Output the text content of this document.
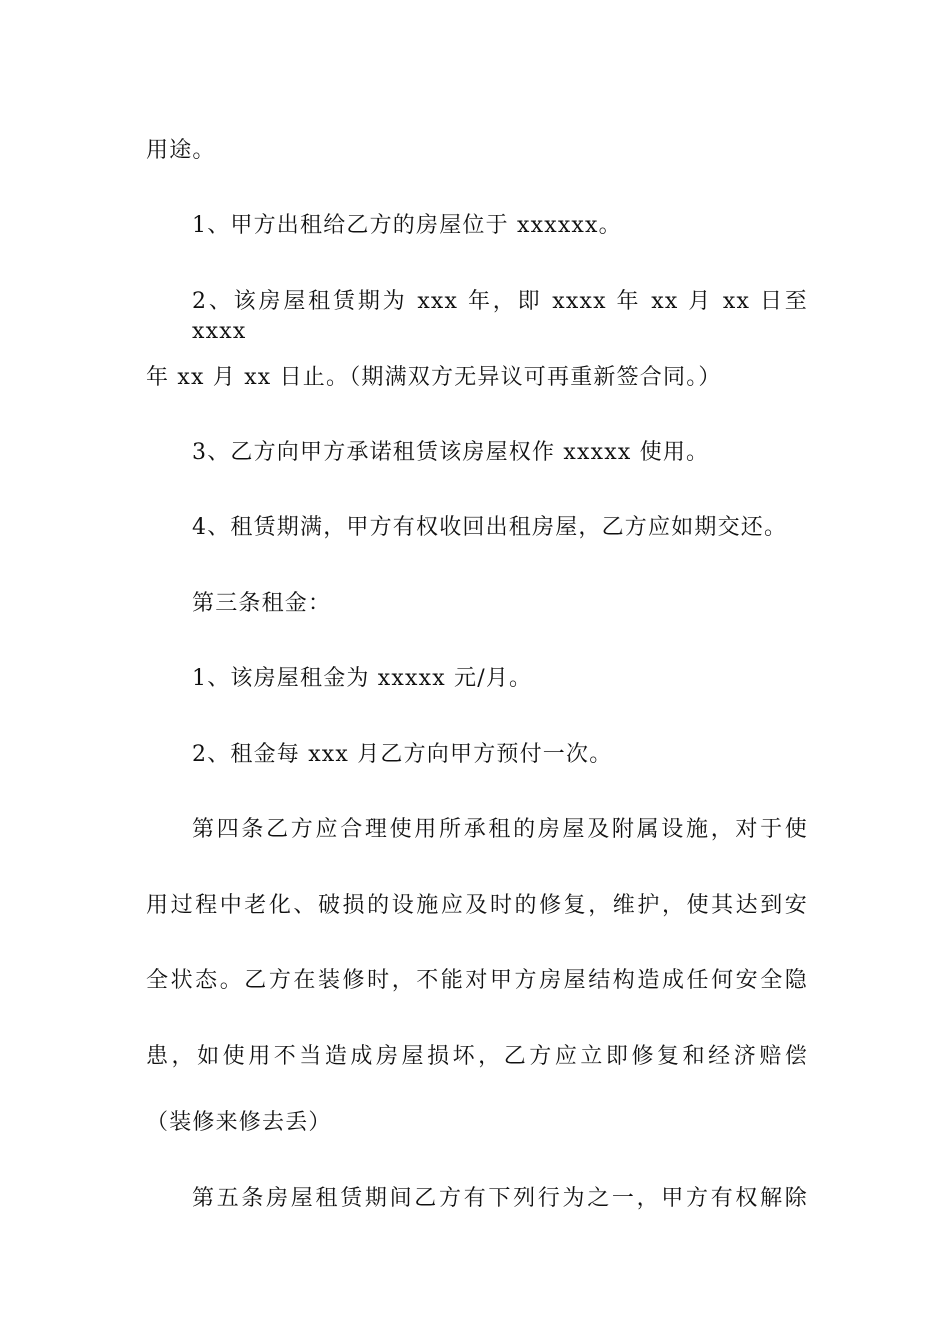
用途。

1、甲方出租给乙方的房屋位于 xxxxxx。

2、该房屋租赁期为 xxx 年，即 xxxx 年 xx 月 xx 日至 xxxx

年 xx 月 xx 日止。（期满双方无异议可再重新签合同。）

3、乙方向甲方承诺租赁该房屋权作 xxxxx 使用。

4、租赁期满，甲方有权收回出租房屋，乙方应如期交还。

第三条租金：

1、该房屋租金为 xxxxx 元/月。

2、租金每 xxx 月乙方向甲方预付一次。

第四条乙方应合理使用所承租的房屋及附属设施，对于使

用过程中老化、破损的设施应及时的修复，维护，使其达到安

全状态。乙方在装修时，不能对甲方房屋结构造成任何安全隐

患，如使用不当造成房屋损坏，乙方应立即修复和经济赔偿

（装修来修去丢）

第五条房屋租赁期间乙方有下列行为之一，甲方有权解除
